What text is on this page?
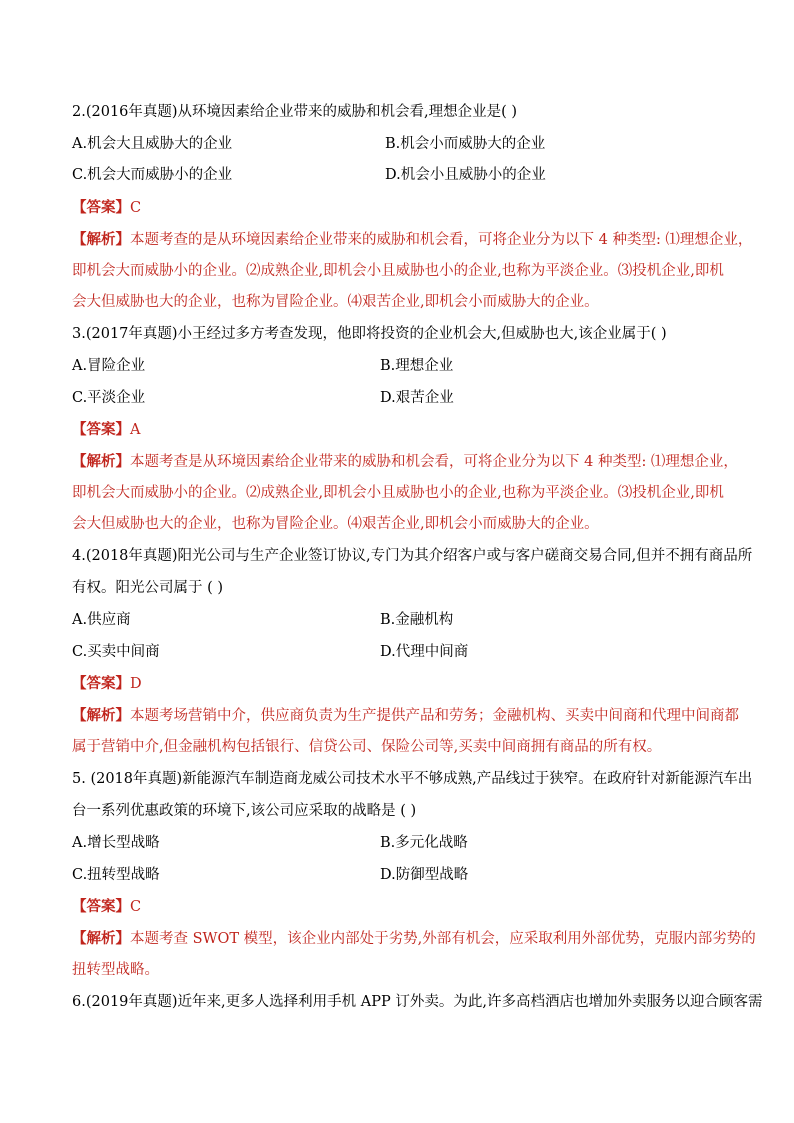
2.(2016年真题)从环境因素给企业带来的威胁和机会看,理想企业是( )
A.机会大且威胁大的企业	B.机会小而威胁大的企业
C.机会大而威胁小的企业	D.机会小且威胁小的企业
【答案】C
【解析】本题考查的是从环境因素给企业带来的威胁和机会看，可将企业分为以下 4 种类型: ⑴理想企业，
即机会大而威胁小的企业。⑵成熟企业,即机会小且威胁也小的企业,也称为平淡企业。⑶投机企业,即机
会大但威胁也大的企业，也称为冒险企业。⑷艰苦企业,即机会小而威胁大的企业。
3.(2017年真题)小王经过多方考查发现，他即将投资的企业机会大,但威胁也大,该企业属于( )
A.冒险企业	B.理想企业
C.平淡企业	D.艰苦企业
【答案】A
【解析】本题考查是从环境因素给企业带来的威胁和机会看，可将企业分为以下 4 种类型: ⑴理想企业，
即机会大而威胁小的企业。⑵成熟企业,即机会小且威胁也小的企业,也称为平淡企业。⑶投机企业,即机
会大但威胁也大的企业，也称为冒险企业。⑷艰苦企业,即机会小而威胁大的企业。
4.(2018年真题)阳光公司与生产企业签订协议,专门为其介绍客户或与客户磋商交易合同,但并不拥有商品所
有权。阳光公司属于 ( )
A.供应商	B.金融机构
C.买卖中间商	D.代理中间商
【答案】D
【解析】本题考场营销中介，供应商负责为生产提供产品和劳务；金融机构、买卖中间商和代理中间商都
属于营销中介,但金融机构包括银行、信贷公司、保险公司等,买卖中间商拥有商品的所有权。
5. (2018年真题)新能源汽车制造商龙威公司技术水平不够成熟,产品线过于狭窄。在政府针对新能源汽车出
台一系列优惠政策的环境下,该公司应采取的战略是 ( )
A.增长型战略	B.多元化战略
C.扭转型战略	D.防御型战略
【答案】C
【解析】本题考查 SWOT 模型，该企业内部处于劣势,外部有机会，应采取利用外部优势，克服内部劣势的
扭转型战略。
6.(2019年真题)近年来,更多人选择利用手机 APP 订外卖。为此,许多高档酒店也增加外卖服务以迎合顾客需
